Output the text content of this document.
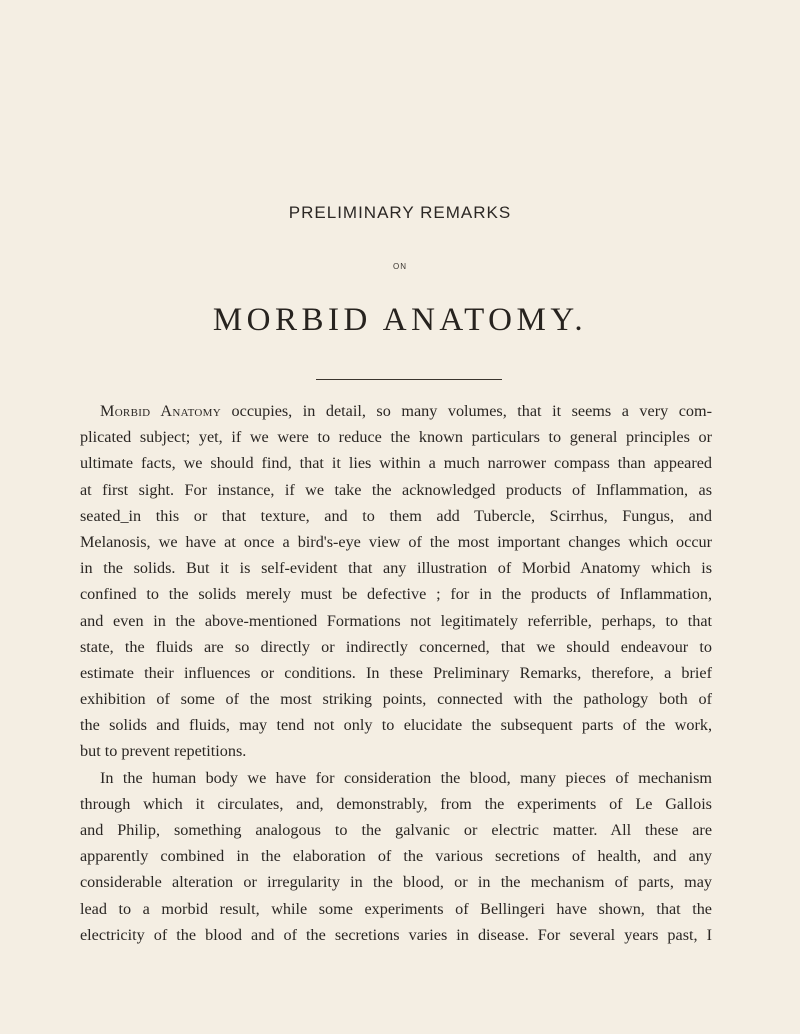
PRELIMINARY REMARKS
ON
MORBID ANATOMY.
Morbid Anatomy occupies, in detail, so many volumes, that it seems a very com-
plicated subject; yet, if we were to reduce the known particulars to general principles or
ultimate facts, we should find, that it lies within a much narrower compass than appeared
at first sight. For instance, if we take the acknowledged products of Inflammation, as
seated_in this or that texture, and to them add Tubercle, Scirrhus, Fungus, and
Melanosis, we have at once a bird's-eye view of the most important changes which occur
in the solids. But it is self-evident that any illustration of Morbid Anatomy which is
confined to the solids merely must be defective ; for in the products of Inflammation,
and even in the above-mentioned Formations not legitimately referrible, perhaps, to that
state, the fluids are so directly or indirectly concerned, that we should endeavour to
estimate their influences or conditions. In these Preliminary Remarks, therefore, a brief
exhibition of some of the most striking points, connected with the pathology both of
the solids and fluids, may tend not only to elucidate the subsequent parts of the work,
but to prevent repetitions.
In the human body we have for consideration the blood, many pieces of mechanism
through which it circulates, and, demonstrably, from the experiments of Le Gallois
and Philip, something analogous to the galvanic or electric matter. All these are
apparently combined in the elaboration of the various secretions of health, and any
considerable alteration or irregularity in the blood, or in the mechanism of parts, may
lead to a morbid result, while some experiments of Bellingeri have shown, that the
electricity of the blood and of the secretions varies in disease. For several years past, I
